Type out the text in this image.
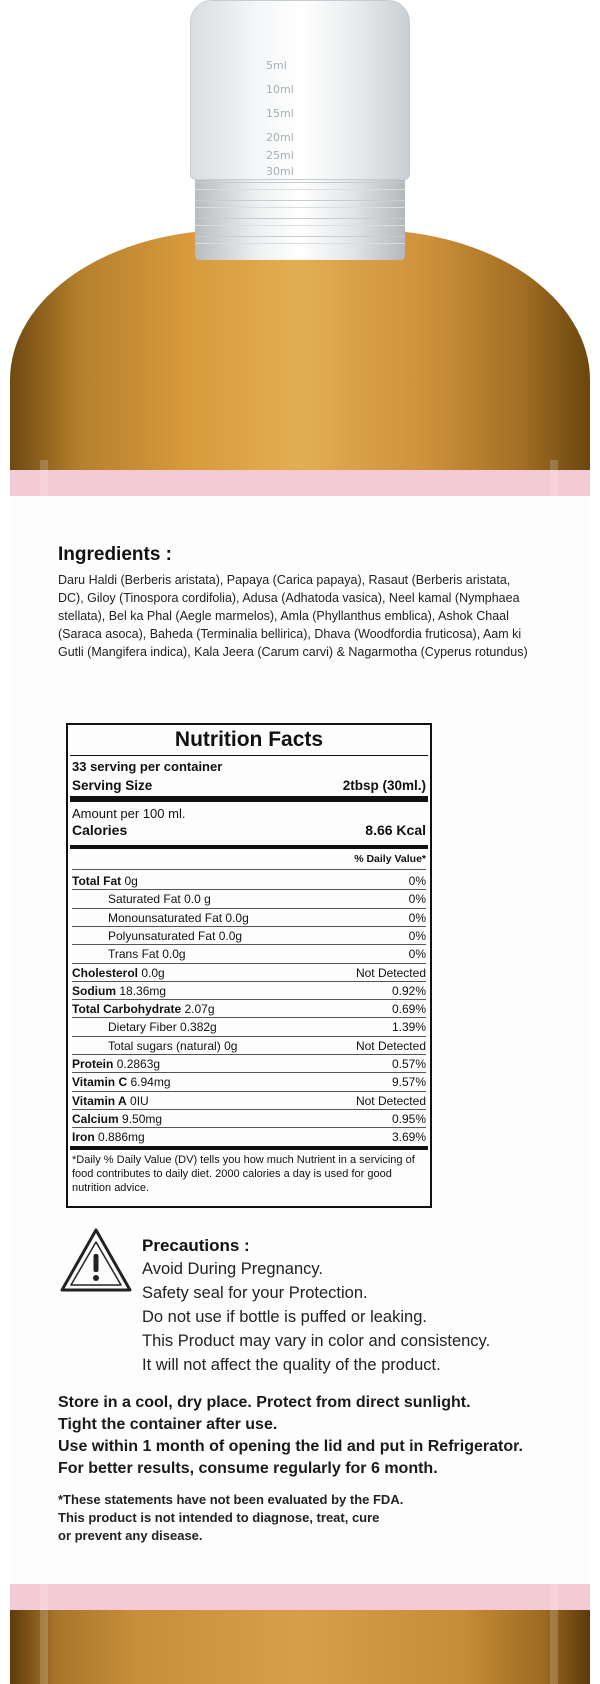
5ml
10ml
15ml
20ml
25ml
30ml
Ingredients :
Daru Haldi (Berberis aristata), Papaya (Carica papaya), Rasaut (Berberis aristata, DC), Giloy (Tinospora cordifolia), Adusa (Adhatoda vasica), Neel kamal (Nymphaea stellata), Bel ka Phal (Aegle marmelos), Amla (Phyllanthus emblica), Ashok Chaal (Saraca asoca), Baheda (Terminalia bellirica), Dhava (Woodfordia fruticosa), Aam ki Gutli (Mangifera indica), Kala Jeera (Carum carvi) & Nagarmotha (Cyperus rotundus)
Nutrition Facts
33 serving per container
Serving Size	2tbsp (30ml.)
Amount per 100 ml.
Calories	8.66 Kcal
% Daily Value*
Total Fat 0g	0%
Saturated Fat 0.0 g	0%
Monounsaturated Fat 0.0g	0%
Polyunsaturated Fat 0.0g	0%
Trans Fat 0.0g	0%
Cholesterol 0.0g	Not Detected
Sodium 18.36mg	0.92%
Total Carbohydrate 2.07g	0.69%
Dietary Fiber 0.382g	1.39%
Total sugars (natural) 0g	Not Detected
Protein 0.2863g	0.57%
Vitamin C 6.94mg	9.57%
Vitamin A 0IU	Not Detected
Calcium 9.50mg	0.95%
Iron 0.886mg	3.69%
*Daily % Daily Value (DV) tells you how much Nutrient in a servicing of food contributes to daily diet. 2000 calories a day is used for good nutrition advice.
Precautions :
Avoid During Pregnancy.
Safety seal for your Protection.
Do not use if bottle is puffed or leaking.
This Product may vary in color and consistency.
It will not affect the quality of the product.
Store in a cool, dry place. Protect from direct sunlight.
Tight the container after use.
Use within 1 month of opening the lid and put in Refrigerator.
For better results, consume regularly for 6 month.
*These statements have not been evaluated by the FDA.
This product is not intended to diagnose, treat, cure
or prevent any disease.
